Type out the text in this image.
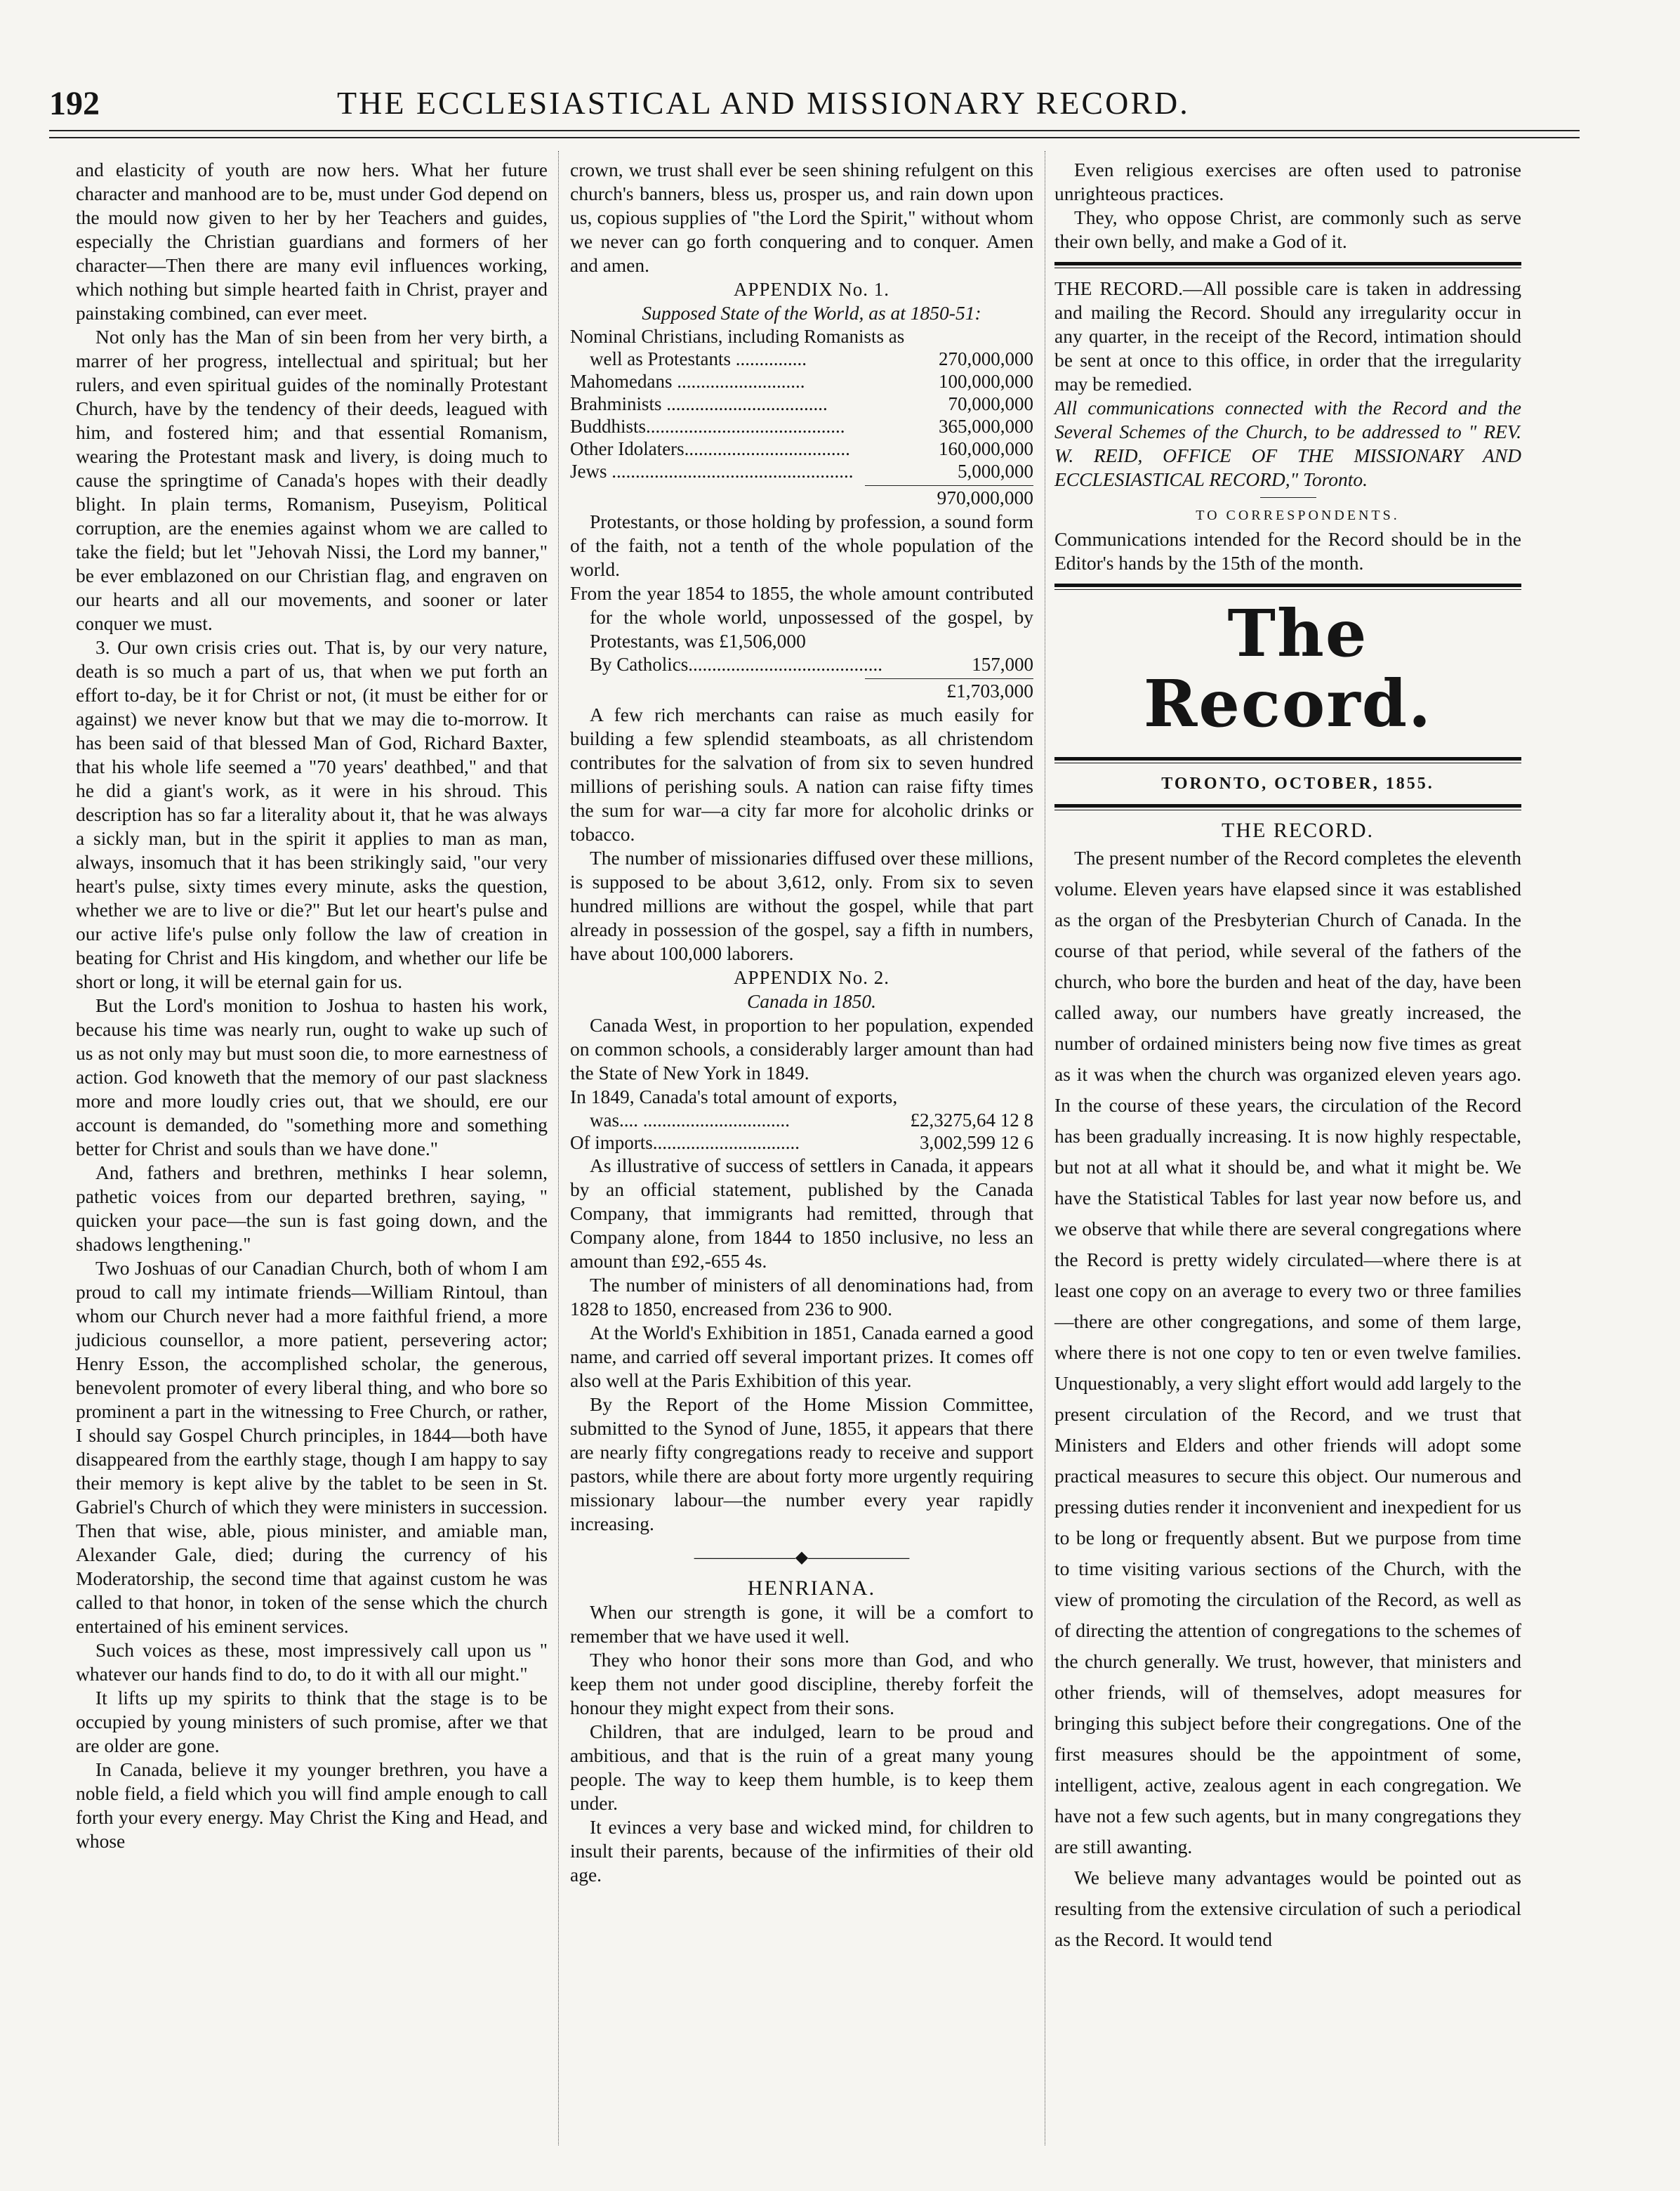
192	THE ECCLESIASTICAL AND MISSIONARY RECORD.

and elasticity of youth are now hers. What her future character and manhood are to be, must under God depend on the mould now given to her by her Teachers and guides, especially the Christian guardians and formers of her character—Then there are many evil influences working, which nothing but simple hearted faith in Christ, prayer and painstaking combined, can ever meet.

Not only has the Man of sin been from her very birth, a marrer of her progress, intellectual and spiritual; but her rulers, and even spiritual guides of the nominally Protestant Church, have by the tendency of their deeds, leagued with him, and fostered him; and that essential Romanism, wearing the Protestant mask and livery, is doing much to cause the springtime of Canada's hopes with their deadly blight. In plain terms, Romanism, Puseyism, Political corruption, are the enemies against whom we are called to take the field; but let "Jehovah Nissi, the Lord my banner," be ever emblazoned on our Christian flag, and engraven on our hearts and all our movements, and sooner or later conquer we must.

3. Our own crisis cries out. That is, by our very nature, death is so much a part of us, that when we put forth an effort to-day, be it for Christ or not, (it must be either for or against) we never know but that we may die to-morrow. It has been said of that blessed Man of God, Richard Baxter, that his whole life seemed a "70 years' deathbed," and that he did a giant's work, as it were in his shroud. This description has so far a literality about it, that he was always a sickly man, but in the spirit it applies to man as man, always, insomuch that it has been strikingly said, "our very heart's pulse, sixty times every minute, asks the question, whether we are to live or die?" But let our heart's pulse and our active life's pulse only follow the law of creation in beating for Christ and His kingdom, and whether our life be short or long, it will be eternal gain for us.

But the Lord's monition to Joshua to hasten his work, because his time was nearly run, ought to wake up such of us as not only may but must soon die, to more earnestness of action. God knoweth that the memory of our past slackness more and more loudly cries out, that we should, ere our account is demanded, do "something more and something better for Christ and souls than we have done."

And, fathers and brethren, methinks I hear solemn, pathetic voices from our departed brethren, saying, " quicken your pace—the sun is fast going down, and the shadows lengthening."

Two Joshuas of our Canadian Church, both of whom I am proud to call my intimate friends—William Rintoul, than whom our Church never had a more faithful friend, a more judicious counsellor, a more patient, persevering actor; Henry Esson, the accomplished scholar, the generous, benevolent promoter of every liberal thing, and who bore so prominent a part in the witnessing to Free Church, or rather, I should say Gospel Church principles, in 1844—both have disappeared from the earthly stage, though I am happy to say their memory is kept alive by the tablet to be seen in St. Gabriel's Church of which they were ministers in succession. Then that wise, able, pious minister, and amiable man, Alexander Gale, died; during the currency of his Moderatorship, the second time that against custom he was called to that honor, in token of the sense which the church entertained of his eminent services.

Such voices as these, most impressively call upon us " whatever our hands find to do, to do it with all our might."

It lifts up my spirits to think that the stage is to be occupied by young ministers of such promise, after we that are older are gone.

In Canada, believe it my younger brethren, you have a noble field, a field which you will find ample enough to call forth your every energy. May Christ the King and Head, and whose

crown, we trust shall ever be seen shining refulgent on this church's banners, bless us, prosper us, and rain down upon us, copious supplies of "the Lord the Spirit," without whom we never can go forth conquering and to conquer. Amen and amen.

APPENDIX No. 1.

Supposed State of the World, as at 1850-51:

Nominal Christians, including Romanists as	
well as Protestants ...............	270,000,000
Mahomedans ...........................	100,000,000
Brahminists ..................................	70,000,000
Buddhists..........................................	365,000,000
Other Idolaters...................................	160,000,000
Jews ...................................................	5,000,000

970,000,000

Protestants, or those holding by profession, a sound form of the faith, not a tenth of the whole population of the world.

From the year 1854 to 1855, the whole amount contributed for the whole world, unpossessed of the gospel, by Protestants, was £1,506,000

By Catholics.........................................	157,000

£1,703,000

A few rich merchants can raise as much easily for building a few splendid steamboats, as all christendom contributes for the salvation of from six to seven hundred millions of perishing souls. A nation can raise fifty times the sum for war—a city far more for alcoholic drinks or tobacco.

The number of missionaries diffused over these millions, is supposed to be about 3,612, only. From six to seven hundred millions are without the gospel, while that part already in possession of the gospel, say a fifth in numbers, have about 100,000 laborers.

APPENDIX No. 2.

Canada in 1850.

Canada West, in proportion to her population, expended on common schools, a considerably larger amount than had the State of New York in 1849.

In 1849, Canada's total amount of exports,

was.... ...............................	£2,3275,64 12 8
Of imports...............................	3,002,599 12 6

As illustrative of success of settlers in Canada, it appears by an official statement, published by the Canada Company, that immigrants had remitted, through that Company alone, from 1844 to 1850 inclusive, no less an amount than £92,-655 4s.

The number of ministers of all denominations had, from 1828 to 1850, encreased from 236 to 900.

At the World's Exhibition in 1851, Canada earned a good name, and carried off several important prizes. It comes off also well at the Paris Exhibition of this year.

By the Report of the Home Mission Committee, submitted to the Synod of June, 1855, it appears that there are nearly fifty congregations ready to receive and support pastors, while there are about forty more urgently requiring missionary labour—the number every year rapidly increasing.

——————◆——————

HENRIANA.

When our strength is gone, it will be a comfort to remember that we have used it well.

They who honor their sons more than God, and who keep them not under good discipline, thereby forfeit the honour they might expect from their sons.

Children, that are indulged, learn to be proud and ambitious, and that is the ruin of a great many young people. The way to keep them humble, is to keep them under.

It evinces a very base and wicked mind, for children to insult their parents, because of the infirmities of their old age.

Even religious exercises are often used to patronise unrighteous practices.

They, who oppose Christ, are commonly such as serve their own belly, and make a God of it.

THE RECORD.—All possible care is taken in addressing and mailing the Record. Should any irregularity occur in any quarter, in the receipt of the Record, intimation should be sent at once to this office, in order that the irregularity may be remedied.

All communications connected with the Record and the Several Schemes of the Church, to be addressed to " REV. W. REID, OFFICE OF THE MISSIONARY AND ECCLESIASTICAL RECORD," Toronto.

TO CORRESPONDENTS.

Communications intended for the Record should be in the Editor's hands by the 15th of the month.

The Record.

TORONTO, OCTOBER, 1855.

THE RECORD.

The present number of the Record completes the eleventh volume. Eleven years have elapsed since it was established as the organ of the Presbyterian Church of Canada. In the course of that period, while several of the fathers of the church, who bore the burden and heat of the day, have been called away, our numbers have greatly increased, the number of ordained ministers being now five times as great as it was when the church was organized eleven years ago. In the course of these years, the circulation of the Record has been gradually increasing. It is now highly respectable, but not at all what it should be, and what it might be. We have the Statistical Tables for last year now before us, and we observe that while there are several congregations where the Record is pretty widely circulated—where there is at least one copy on an average to every two or three families—there are other congregations, and some of them large, where there is not one copy to ten or even twelve families. Unquestionably, a very slight effort would add largely to the present circulation of the Record, and we trust that Ministers and Elders and other friends will adopt some practical measures to secure this object. Our numerous and pressing duties render it inconvenient and inexpedient for us to be long or frequently absent. But we purpose from time to time visiting various sections of the Church, with the view of promoting the circulation of the Record, as well as of directing the attention of congregations to the schemes of the church generally. We trust, however, that ministers and other friends, will of themselves, adopt measures for bringing this subject before their congregations. One of the first measures should be the appointment of some, intelligent, active, zealous agent in each congregation. We have not a few such agents, but in many congregations they are still awanting.

We believe many advantages would be pointed out as resulting from the extensive circulation of such a periodical as the Record. It would tend
